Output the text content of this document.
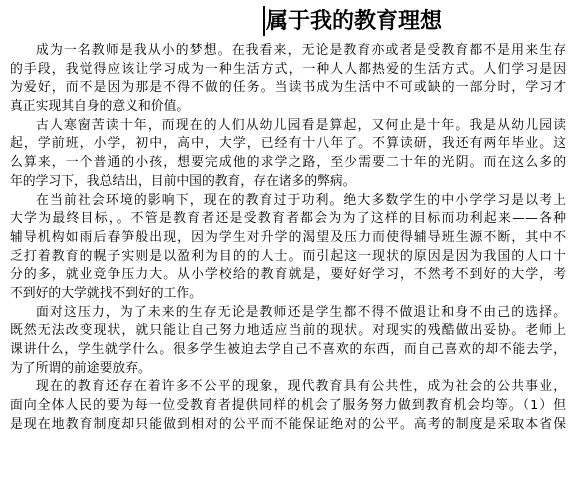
属于我的教育理想
成为一名教师是我从小的梦想。在我看来，无论是教育亦或者是受教育都不是用来生存
的手段，我觉得应该让学习成为一种生活方式，一种人人都热爱的生活方式。人们学习是因
为爱好，而不是因为那是不得不做的任务。当读书成为生活中不可或缺的一部分时，学习才
真正实现其自身的意义和价值。
古人寒窗苦读十年，而现在的人们从幼儿园看是算起，又何止是十年。我是从幼儿园读
起，学前班，小学，初中，高中，大学，已经有十八年了。不算读研，我还有两年毕业。这
么算来，一个普通的小孩，想要完成他的求学之路，至少需要二十年的光阴。而在这么多的
年的学习下，我总结出，目前中国的教育，存在诸多的弊病。
在当前社会环境的影响下，现在的教育过于功利。绝大多数学生的中小学学习是以考上
大学为最终目标，。不管是教育者还是受教育者都会为为了这样的目标而功利起来——各种
辅导机构如雨后春笋般出现，因为学生对升学的渴望及压力而使得辅导班生源不断，其中不
乏打着教育的幌子实则是以盈利为目的的人士。而引起这一现状的原因是因为我国的人口十
分的多，就业竞争压力大。从小学校给的教育就是，要好好学习，不然考不到好的大学，考
不到好的大学就找不到好的工作。
面对这压力，为了未来的生存无论是教师还是学生都不得不做退让和身不由己的选择。
既然无法改变现状，就只能让自己努力地适应当前的现状。对现实的残酷做出妥协。老师上
课讲什么，学生就学什么。很多学生被迫去学自己不喜欢的东西，而自己喜欢的却不能去学，
为了所谓的前途要放弃。
现在的教育还存在着许多不公平的现象，现代教育具有公共性，成为社会的公共事业，
面向全体人民的要为每一位受教育者提供同样的机会了服务努力做到教育机会均等。（1）但
是现在地教育制度却只能做到相对的公平而不能保证绝对的公平。高考的制度是采取本省保
